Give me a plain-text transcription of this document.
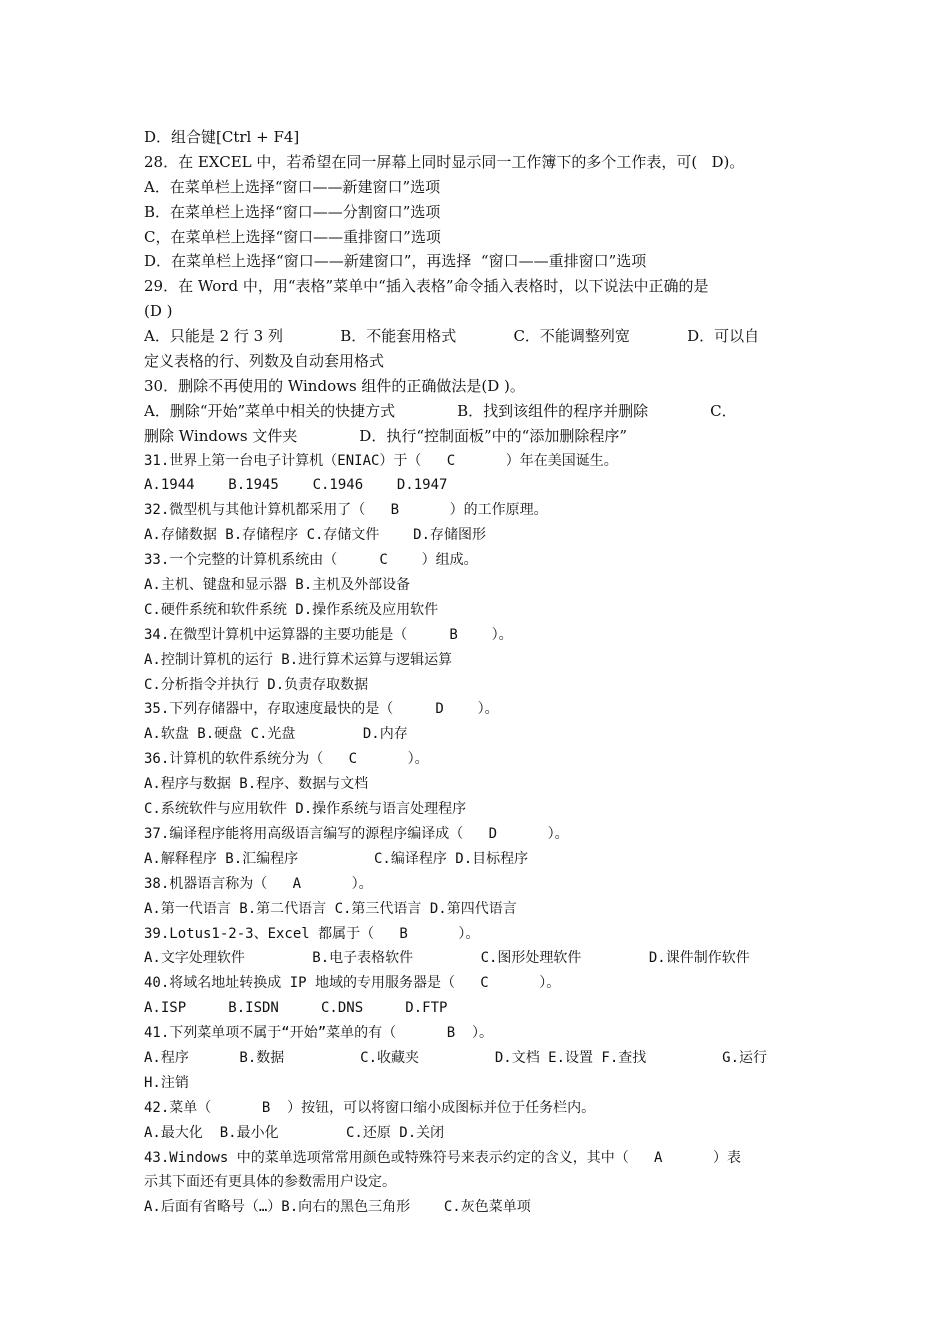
D．组合键[Ctrl + F4]
28．在 EXCEL 中，若希望在同一屏幕上同时显示同一工作簿下的多个工作表，可(   D)。
A．在菜单栏上选择“窗口——新建窗口”选项
B．在菜单栏上选择“窗口——分割窗口”选项
C，在菜单栏上选择“窗口——重排窗口”选项
D．在菜单栏上选择“窗口——新建窗口”，再选择  “窗口——重排窗口”选项
29．在 Word 中，用“表格”菜单中“插入表格”命令插入表格时，以下说法中正确的是
(D )
A．只能是 2 行 3 列            B．不能套用格式            C．不能调整列宽            D．可以自
定义表格的行、列数及自动套用格式
30．删除不再使用的 Windows 组件的正确做法是(D )。
A．删除“开始”菜单中相关的快捷方式             B．找到该组件的程序并删除             C．
删除 Windows 文件夹             D．执行“控制面板”中的“添加删除程序”
31.世界上第一台电子计算机（ENIAC）于（   C      ）年在美国诞生。
A.1944    B.1945    C.1946    D.1947
32.微型机与其他计算机都采用了（   B      ）的工作原理。
A.存储数据 B.存储程序 C.存储文件    D.存储图形
33.一个完整的计算机系统由（     C    ）组成。
A.主机、键盘和显示器 B.主机及外部设备
C.硬件系统和软件系统 D.操作系统及应用软件
34.在微型计算机中运算器的主要功能是（     B    ）。
A.控制计算机的运行 B.进行算术运算与逻辑运算
C.分析指令并执行 D.负责存取数据
35.下列存储器中，存取速度最快的是（     D    ）。
A.软盘 B.硬盘 C.光盘        D.内存
36.计算机的软件系统分为（   C      ）。
A.程序与数据 B.程序、数据与文档
C.系统软件与应用软件 D.操作系统与语言处理程序
37.编译程序能将用高级语言编写的源程序编译成（   D      ）。
A.解释程序 B.汇编程序         C.编译程序 D.目标程序
38.机器语言称为（   A      ）。
A.第一代语言 B.第二代语言 C.第三代语言 D.第四代语言
39.Lotus1-2-3、Excel 都属于（   B      ）。
A.文字处理软件        B.电子表格软件        C.图形处理软件        D.课件制作软件
40.将域名地址转换成 IP 地域的专用服务器是（   C      ）。
A.ISP     B.ISDN     C.DNS     D.FTP
41.下列菜单项不属于“开始”菜单的有（      B  ）。
A.程序      B.数据         C.收藏夹         D.文档 E.设置 F.查找         G.运行
H.注销
42.菜单（      B  ）按钮，可以将窗口缩小成图标并位于任务栏内。
A.最大化  B.最小化        C.还原 D.关闭
43.Windows 中的菜单选项常常用颜色或特殊符号来表示约定的含义，其中（   A      ）表
示其下面还有更具体的参数需用户设定。
A.后面有省略号（…）B.向右的黑色三角形    C.灰色菜单项
